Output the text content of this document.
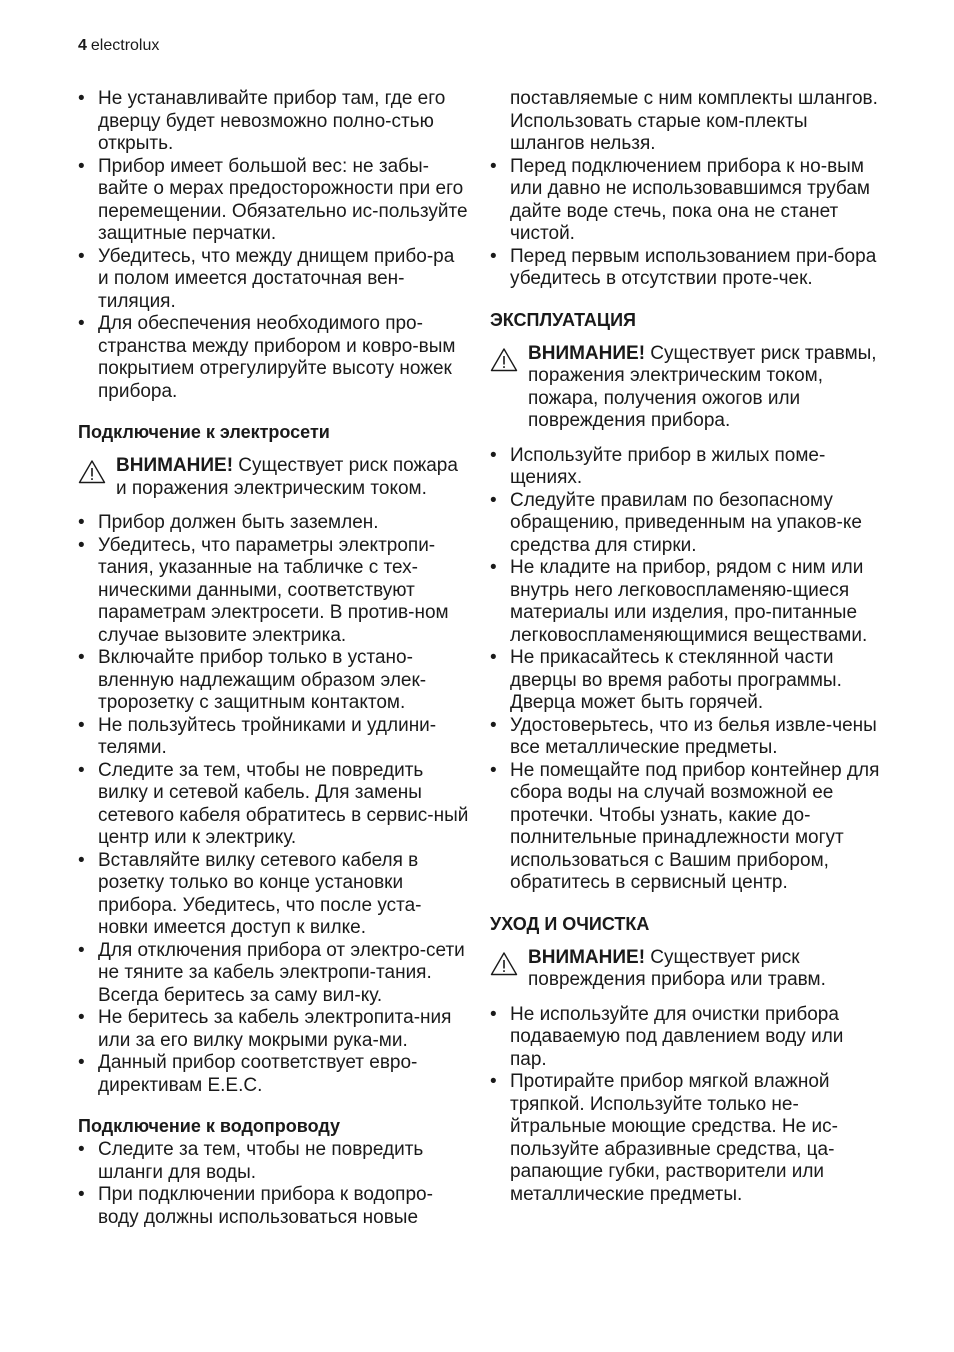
4 electrolux
• Не устанавливайте прибор там, где его дверцу будет невозможно полно-стью открыть.
• Прибор имеет большой вес: не забы-вайте о мерах предосторожности при его перемещении. Обязательно ис-пользуйте защитные перчатки.
• Убедитесь, что между днищем прибо-ра и полом имеется достаточная вен-тиляция.
• Для обеспечения необходимого про-странства между прибором и ковро-вым покрытием отрегулируйте высоту ножек прибора.
Подключение к электросети
ВНИМАНИЕ! Существует риск пожара и поражения электрическим током.
• Прибор должен быть заземлен.
• Убедитесь, что параметры электропи-тания, указанные на табличке с тех-ническими данными, соответствуют параметрам электросети. В против-ном случае вызовите электрика.
• Включайте прибор только в устано-вленную надлежащим образом элек-тророзетку с защитным контактом.
• Не пользуйтесь тройниками и удлини-телями.
• Следите за тем, чтобы не повредить вилку и сетевой кабель. Для замены сетевого кабеля обратитесь в сервис-ный центр или к электрику.
• Вставляйте вилку сетевого кабеля в розетку только во конце установки прибора. Убедитесь, что после уста-новки имеется доступ к вилке.
• Для отключения прибора от электро-сети не тяните за кабель электропи-тания. Всегда беритесь за саму вил-ку.
• Не беритесь за кабель электропита-ния или за его вилку мокрыми рука-ми.
• Данный прибор соответствует евро-директивам E.E.C.
Подключение к водопроводу
• Следите за тем, чтобы не повредить шланги для воды.
• При подключении прибора к водопро-воду должны использоваться новые
поставляемые с ним комплекты шлангов. Использовать старые ком-плекты шлангов нельзя.
• Перед подключением прибора к но-вым или давно не использовавшимся трубам дайте воде стечь, пока она не станет чистой.
• Перед первым использованием при-бора убедитесь в отсутствии проте-чек.
ЭКСПЛУАТАЦИЯ
ВНИМАНИЕ! Существует риск травмы, поражения электрическим током, пожара, получения ожогов или повреждения прибора.
• Используйте прибор в жилых поме-щениях.
• Следуйте правилам по безопасному обращению, приведенным на упаков-ке средства для стирки.
• Не кладите на прибор, рядом с ним или внутрь него легковоспламеняю-щиеся материалы или изделия, про-питанные легковоспламеняющимися веществами.
• Не прикасайтесь к стеклянной части дверцы во время работы программы. Дверца может быть горячей.
• Удостоверьтесь, что из белья извле-чены все металлические предметы.
• Не помещайте под прибор контейнер для сбора воды на случай возможной ее протечки. Чтобы узнать, какие до-полнительные принадлежности могут использоваться с Вашим прибором, обратитесь в сервисный центр.
УХОД И ОЧИСТКА
ВНИМАНИЕ! Существует риск повреждения прибора или травм.
• Не используйте для очистки прибора подаваемую под давлением воду или пар.
• Протирайте прибор мягкой влажной тряпкой. Используйте только не-йтральные моющие средства. Не ис-пользуйте абразивные средства, ца-рапающие губки, растворители или металлические предметы.
